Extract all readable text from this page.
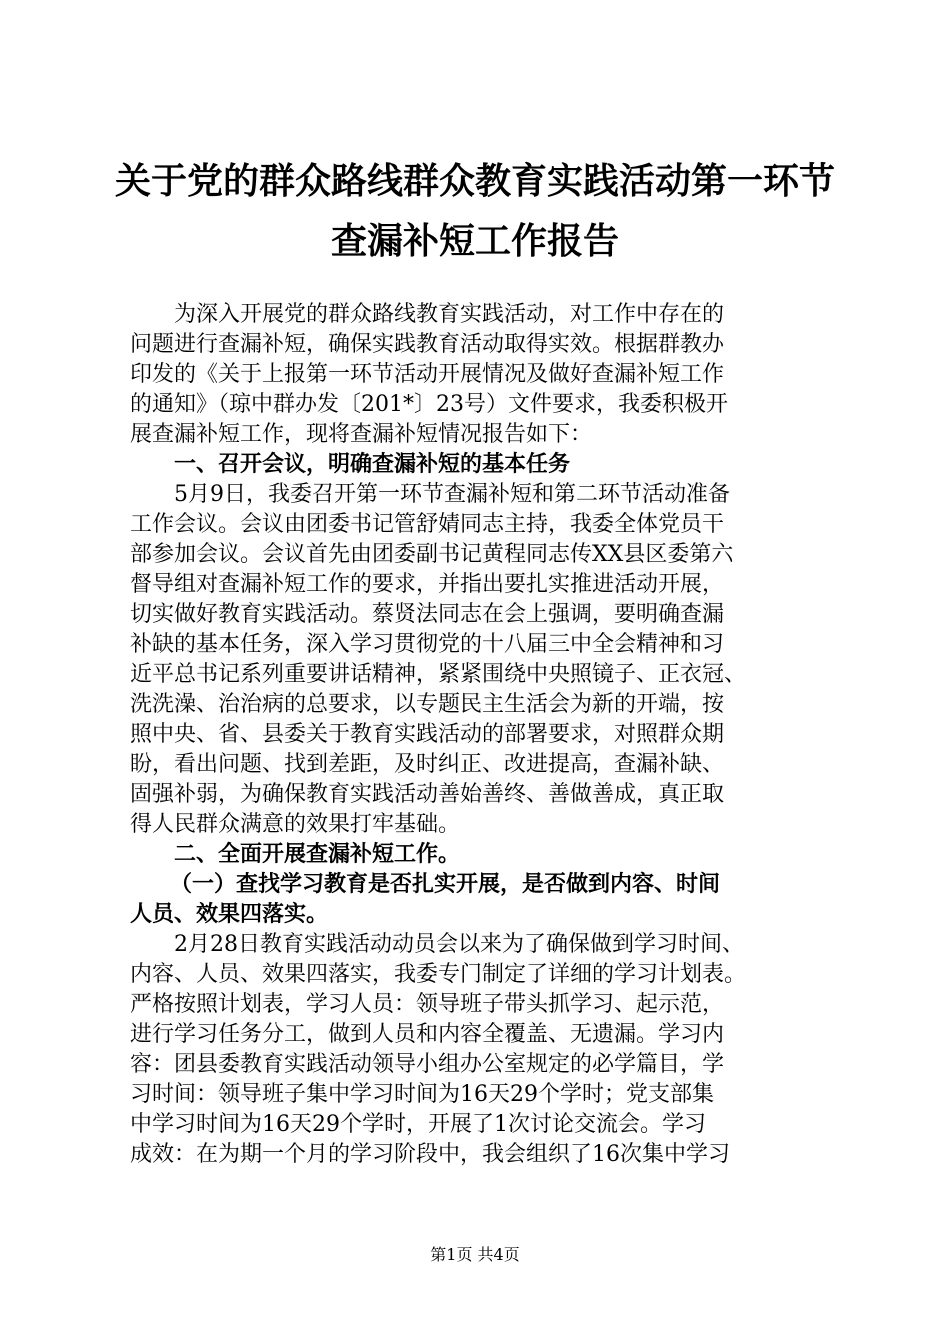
关于党的群众路线群众教育实践活动第一环节
查漏补短工作报告
为深入开展党的群众路线教育实践活动，对工作中存在的
问题进行查漏补短，确保实践教育活动取得实效。根据群教办
印发的《关于上报第一环节活动开展情况及做好查漏补短工作
的通知》（琼中群办发〔201*〕23号）文件要求，我委积极开
展查漏补短工作，现将查漏补短情况报告如下：
一、召开会议，明确查漏补短的基本任务
5月9日，我委召开第一环节查漏补短和第二环节活动准备
工作会议。会议由团委书记管舒婧同志主持，我委全体党员干
部参加会议。会议首先由团委副书记黄程同志传XX县区委第六
督导组对查漏补短工作的要求，并指出要扎实推进活动开展，
切实做好教育实践活动。蔡贤法同志在会上强调，要明确查漏
补缺的基本任务，深入学习贯彻党的十八届三中全会精神和习
近平总书记系列重要讲话精神，紧紧围绕中央照镜子、正衣冠、
洗洗澡、治治病的总要求，以专题民主生活会为新的开端，按
照中央、省、县委关于教育实践活动的部署要求，对照群众期
盼，看出问题、找到差距，及时纠正、改进提高，查漏补缺、
固强补弱，为确保教育实践活动善始善终、善做善成，真正取
得人民群众满意的效果打牢基础。
二、全面开展查漏补短工作。
（一）查找学习教育是否扎实开展，是否做到内容、时间
人员、效果四落实。
2月28日教育实践活动动员会以来为了确保做到学习时间、
内容、人员、效果四落实，我委专门制定了详细的学习计划表。
严格按照计划表，学习人员：领导班子带头抓学习、起示范，
进行学习任务分工，做到人员和内容全覆盖、无遗漏。学习内
容：团县委教育实践活动领导小组办公室规定的必学篇目，学
习时间：领导班子集中学习时间为16天29个学时；党支部集
中学习时间为16天29个学时，开展了1次讨论交流会。学习
成效：在为期一个月的学习阶段中，我会组织了16次集中学习
第1页 共4页
